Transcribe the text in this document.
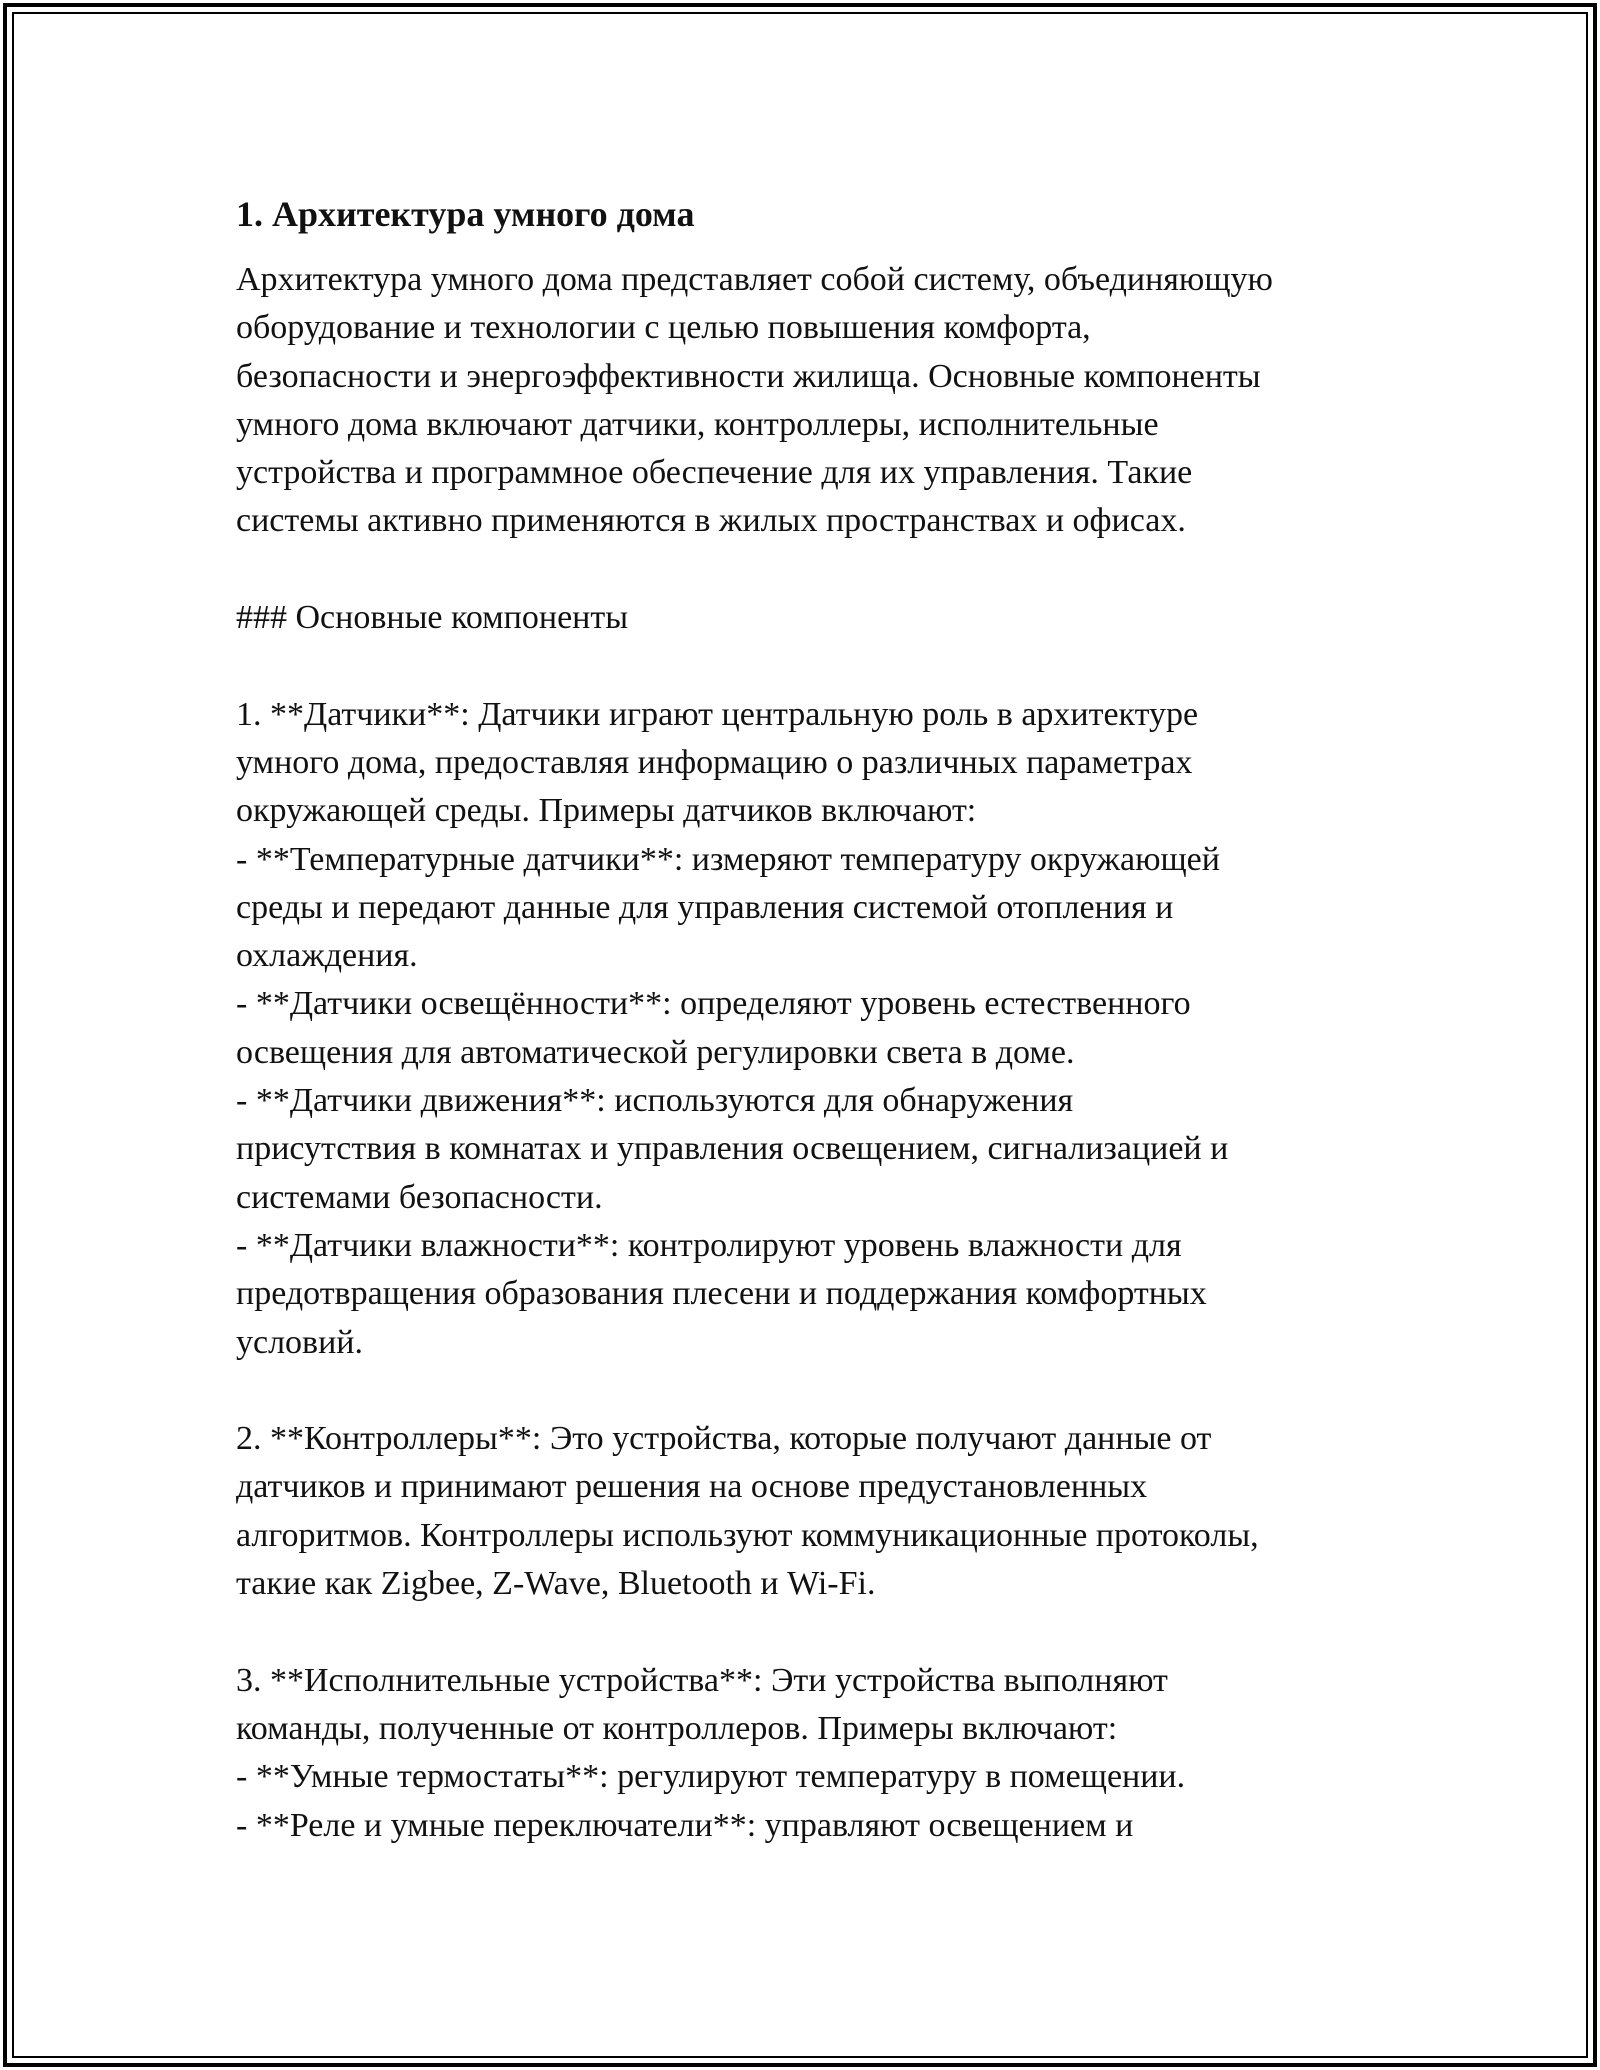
1. Архитектура умного дома

Архитектура умного дома представляет собой систему, объединяющую
оборудование и технологии с целью повышения комфорта,
безопасности и энергоэффективности жилища. Основные компоненты
умного дома включают датчики, контроллеры, исполнительные
устройства и программное обеспечение для их управления. Такие
системы активно применяются в жилых пространствах и офисах.

### Основные компоненты

1. **Датчики**: Датчики играют центральную роль в архитектуре
умного дома, предоставляя информацию о различных параметрах
окружающей среды. Примеры датчиков включают:
- **Температурные датчики**: измеряют температуру окружающей
среды и передают данные для управления системой отопления и
охлаждения.
- **Датчики освещённости**: определяют уровень естественного
освещения для автоматической регулировки света в доме.
- **Датчики движения**: используются для обнаружения
присутствия в комнатах и управления освещением, сигнализацией и
системами безопасности.
- **Датчики влажности**: контролируют уровень влажности для
предотвращения образования плесени и поддержания комфортных
условий.

2. **Контроллеры**: Это устройства, которые получают данные от
датчиков и принимают решения на основе предустановленных
алгоритмов. Контроллеры используют коммуникационные протоколы,
такие как Zigbee, Z-Wave, Bluetooth и Wi-Fi.

3. **Исполнительные устройства**: Эти устройства выполняют
команды, полученные от контроллеров. Примеры включают:
- **Умные термостаты**: регулируют температуру в помещении.
- **Реле и умные переключатели**: управляют освещением и
